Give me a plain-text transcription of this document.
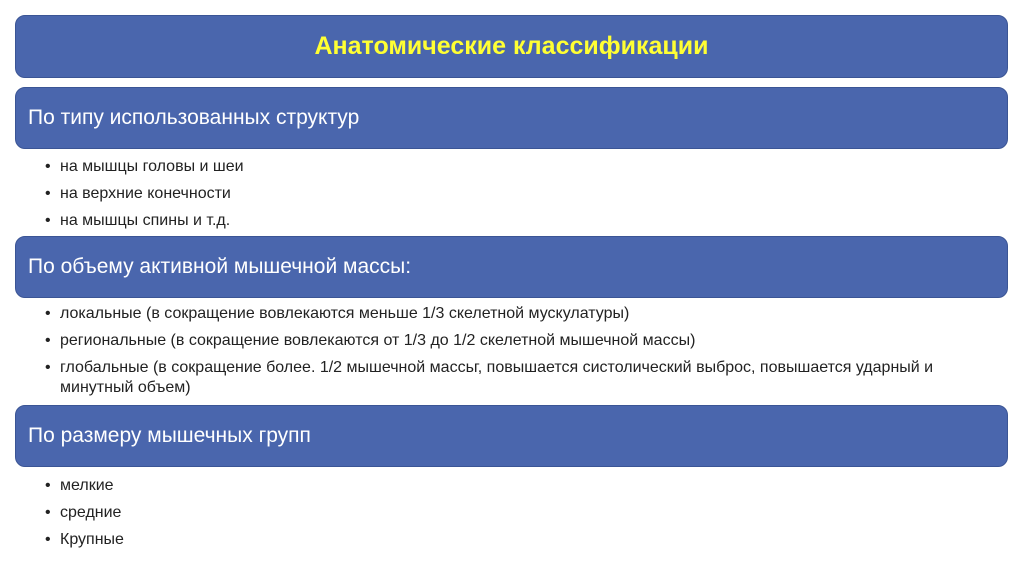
Анатомические классификации
По типу использованных структур
• на мышцы головы и шеи
• на верхние конечности
• на мышцы спины и т.д.
По объему активной мышечной массы:
• локальные (в сокращение вовлекаются меньше 1/3 скелетной мускулатуры)
• региональные (в сокращение вовлекаются от 1/3 до 1/2 скелетной мышечной массы)
• глобальные (в сокращение более. 1/2 мышечной массьг, повышается систолический выброс, повышается ударный и минутный объем)
По размеру мышечных групп
• мелкие
• средние
• Крупные
